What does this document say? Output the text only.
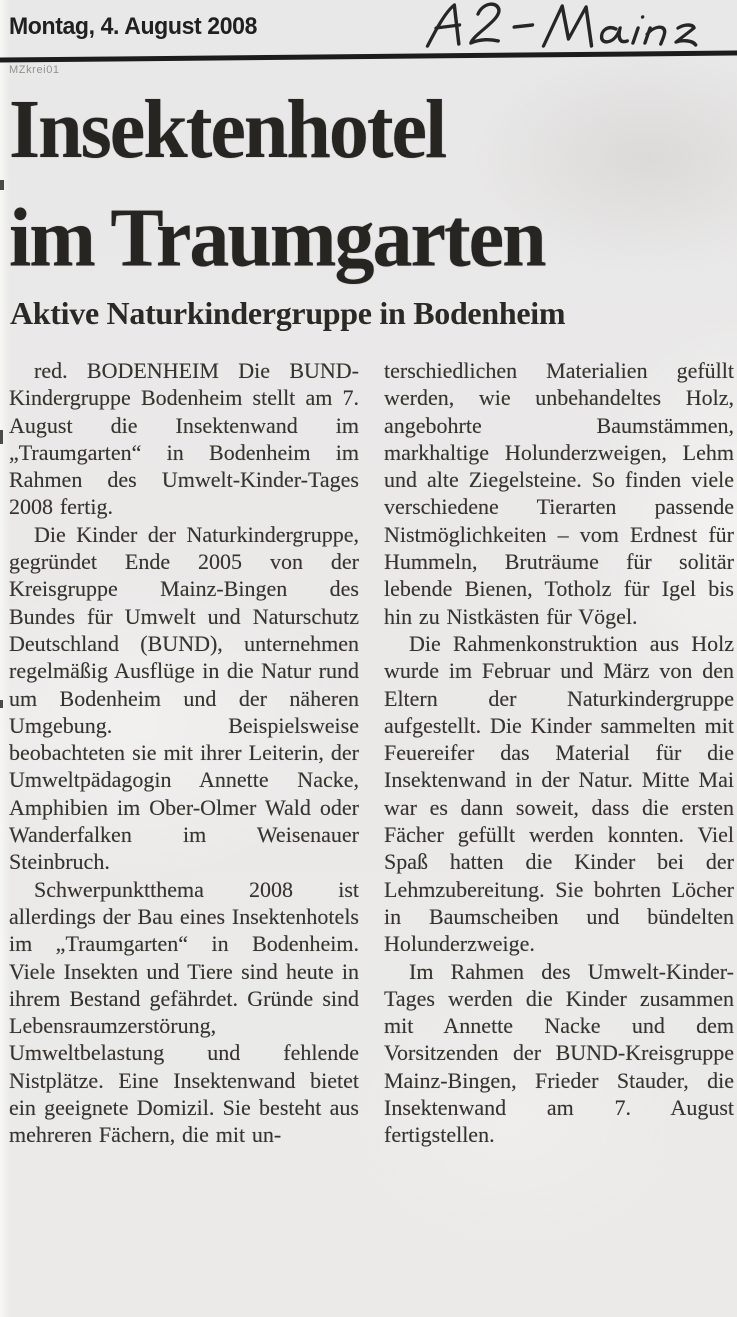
Montag, 4. August 2008
MZkrei01
Insektenhotel
im Traumgarten
Aktive Naturkindergruppe in Bodenheim

red. BODENHEIM Die BUND-Kindergruppe Bodenheim stellt am 7. August die Insektenwand im „Traumgarten“ in Bodenheim im Rahmen des Umwelt-Kinder-Tages 2008 fertig.

Die Kinder der Naturkindergruppe, gegründet Ende 2005 von der Kreisgruppe Mainz-Bingen des Bundes für Umwelt und Naturschutz Deutschland (BUND), unternehmen regelmäßig Ausflüge in die Natur rund um Bodenheim und der näheren Umgebung. Beispielsweise beobachteten sie mit ihrer Leiterin, der Umweltpädagogin Annette Nacke, Amphibien im Ober-Olmer Wald oder Wanderfalken im Weisenauer Steinbruch.

Schwerpunktthema 2008 ist allerdings der Bau eines Insektenhotels im „Traumgarten“ in Bodenheim. Viele Insekten und Tiere sind heute in ihrem Bestand gefährdet. Gründe sind Lebensraumzerstörung, Umweltbelastung und fehlende Nistplätze. Eine Insektenwand bietet ein geeignete Domizil. Sie besteht aus mehreren Fächern, die mit un-

terschiedlichen Materialien gefüllt werden, wie unbehandeltes Holz, angebohrte Baumstämmen, markhaltige Holunderzweigen, Lehm und alte Ziegelsteine. So finden viele verschiedene Tierarten passende Nistmöglichkeiten – vom Erdnest für Hummeln, Bruträume für solitär lebende Bienen, Totholz für Igel bis hin zu Nistkästen für Vögel.

Die Rahmenkonstruktion aus Holz wurde im Februar und März von den Eltern der Naturkindergruppe aufgestellt. Die Kinder sammelten mit Feuereifer das Material für die Insektenwand in der Natur. Mitte Mai war es dann soweit, dass die ersten Fächer gefüllt werden konnten. Viel Spaß hatten die Kinder bei der Lehmzubereitung. Sie bohrten Löcher in Baumscheiben und bündelten Holunderzweige.

Im Rahmen des Umwelt-Kinder-Tages werden die Kinder zusammen mit Annette Nacke und dem Vorsitzenden der BUND-Kreisgruppe Mainz-Bingen, Frieder Stauder, die Insektenwand am 7. August fertigstellen.
